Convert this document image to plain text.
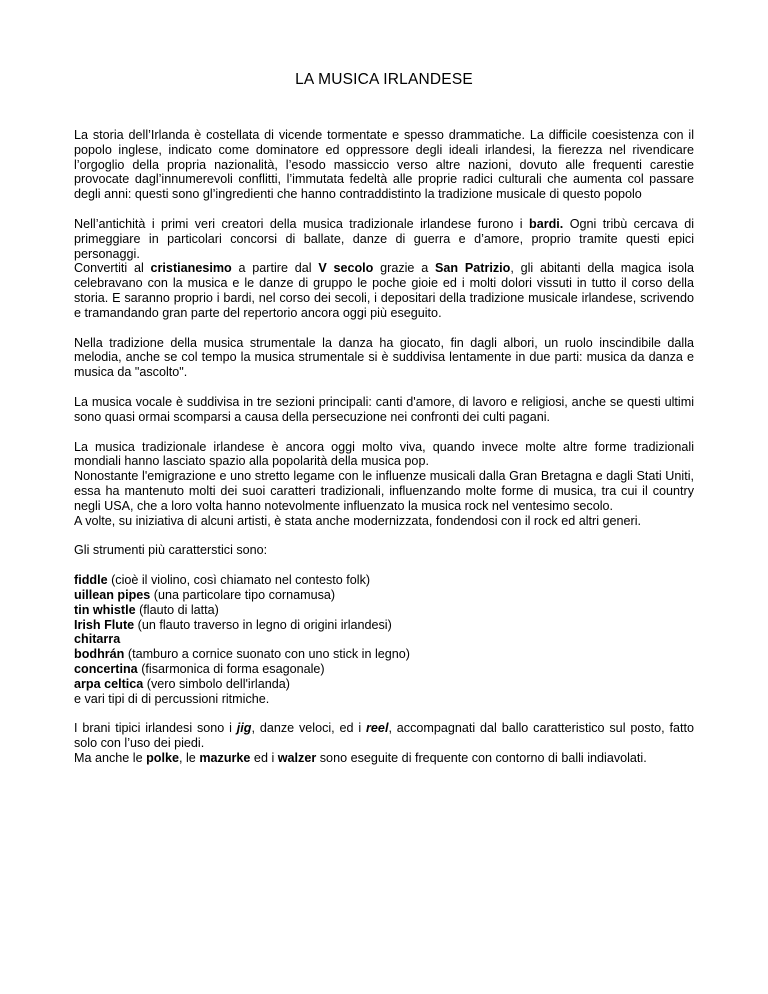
LA MUSICA IRLANDESE

La storia dell’Irlanda è costellata di vicende tormentate e spesso drammatiche. La difficile coesistenza con il popolo inglese, indicato come dominatore ed oppressore degli ideali irlandesi, la fierezza nel rivendicare l’orgoglio della propria nazionalità, l’esodo massiccio verso altre nazioni, dovuto alle frequenti carestie provocate dagl’innumerevoli conflitti, l’immutata fedeltà alle proprie radici culturali che aumenta col passare degli anni: questi sono gl’ingredienti che hanno contraddistinto la tradizione musicale di questo popolo

Nell’antichità i primi veri creatori della musica tradizionale irlandese furono i bardi. Ogni tribù cercava di primeggiare in particolari concorsi di ballate, danze di guerra e d’amore, proprio tramite questi epici personaggi.

Convertiti al cristianesimo a partire dal V secolo grazie a San Patrizio, gli abitanti della magica isola celebravano con la musica e le danze di gruppo le poche gioie ed i molti dolori vissuti in tutto il corso della storia. E saranno proprio i bardi, nel corso dei secoli, i depositari della tradizione musicale irlandese, scrivendo e tramandando gran parte del repertorio ancora oggi più eseguito.

Nella tradizione della musica strumentale la danza ha giocato, fin dagli albori, un ruolo inscindibile dalla melodia, anche se col tempo la musica strumentale si è suddivisa lentamente in due parti: musica da danza e musica da "ascolto".

La musica vocale è suddivisa in tre sezioni principali: canti d'amore, di lavoro e religiosi, anche se questi ultimi sono quasi ormai scomparsi a causa della persecuzione nei confronti dei culti pagani.

La musica tradizionale irlandese è ancora oggi molto viva, quando invece molte altre forme tradizionali mondiali hanno lasciato spazio alla popolarità della musica pop.

Nonostante l'emigrazione e uno stretto legame con le influenze musicali dalla Gran Bretagna e dagli Stati Uniti, essa ha mantenuto molti dei suoi caratteri tradizionali, influenzando molte forme di musica, tra cui il country negli USA, che a loro volta hanno notevolmente influenzato la musica rock nel ventesimo secolo.

A volte, su iniziativa di alcuni artisti, è stata anche modernizzata, fondendosi con il rock ed altri generi.

Gli strumenti più caratterstici sono:

fiddle (cioè il violino, così chiamato nel contesto folk)

uillean pipes (una particolare tipo cornamusa)

tin whistle (flauto di latta)

Irish Flute (un flauto traverso in legno di origini irlandesi)

chitarra

bodhrán (tamburo a cornice suonato con uno stick in legno)

concertina (fisarmonica di forma esagonale)

arpa celtica (vero simbolo dell'irlanda)

e vari tipi di di percussioni ritmiche.

I brani tipici irlandesi sono i jig, danze veloci, ed i reel, accompagnati dal ballo caratteristico sul posto, fatto solo con l’uso dei piedi.

Ma anche le polke, le mazurke ed i walzer sono eseguite di frequente con contorno di balli indiavolati.
